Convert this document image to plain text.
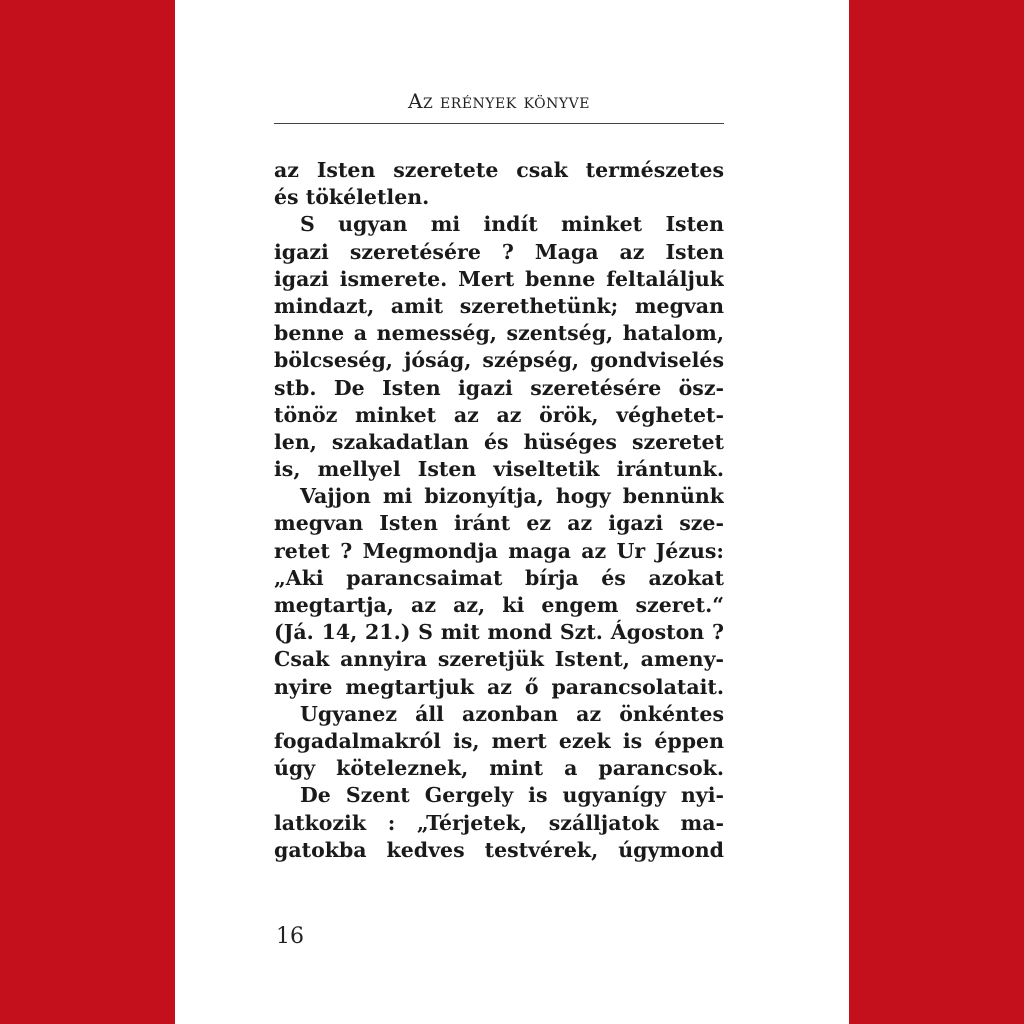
Az erények könyve
az Isten szeretete csak természetes
és tökéletlen.
S ugyan mi indít minket Isten
igazi szeretésére ? Maga az Isten
igazi ismerete. Mert benne feltaláljuk
mindazt, amit szerethetünk; megvan
benne a nemesség, szentség, hatalom,
bölcseség, jóság, szépség, gondviselés
stb. De Isten igazi szeretésére ösz-
tönöz minket az az örök, véghetet-
len, szakadatlan és hüséges szeretet
is, mellyel Isten viseltetik irántunk.
Vajjon mi bizonyítja, hogy bennünk
megvan Isten iránt ez az igazi sze-
retet ? Megmondja maga az Ur Jézus:
„Aki parancsaimat bírja és azokat
megtartja, az az, ki engem szeret.“
(Já. 14, 21.) S mit mond Szt. Ágoston ?
Csak annyira szeretjük Istent, ameny-
nyire megtartjuk az ő parancsolatait.
Ugyanez áll azonban az önkéntes
fogadalmakról is, mert ezek is éppen
úgy köteleznek, mint a parancsok.
De Szent Gergely is ugyanígy nyi-
latkozik : „Térjetek, szálljatok ma-
gatokba kedves testvérek, úgymond
16
